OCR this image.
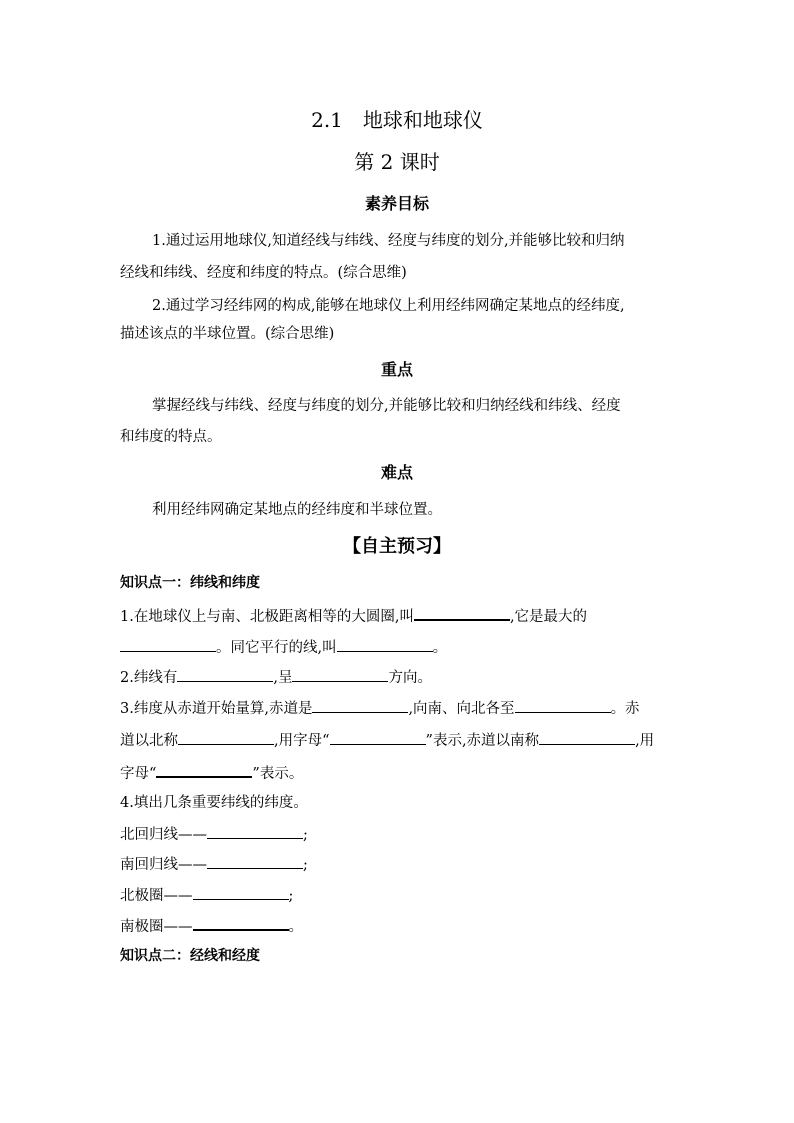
2.1　地球和地球仪
第 2 课时
素养目标
1.通过运用地球仪,知道经线与纬线、经度与纬度的划分,并能够比较和归纳
经线和纬线、经度和纬度的特点。(综合思维)
2.通过学习经纬网的构成,能够在地球仪上利用经纬网确定某地点的经纬度,
描述该点的半球位置。(综合思维)
重点
掌握经线与纬线、经度与纬度的划分,并能够比较和归纳经线和纬线、经度
和纬度的特点。
难点
利用经纬网确定某地点的经纬度和半球位置。
【自主预习】
知识点一：纬线和纬度
1.在地球仪上与南、北极距离相等的大圆圈,叫	,它是最大的
。同它平行的线,叫	。
2.纬线有	,呈	方向。
3.纬度从赤道开始量算,赤道是	,向南、向北各至	。赤
道以北称	,用字母“	”表示,赤道以南称	,用
字母“	”表示。
4.填出几条重要纬线的纬度。
北回归线——	;
南回归线——	;
北极圈——	;
南极圈——	。
知识点二：经线和经度
